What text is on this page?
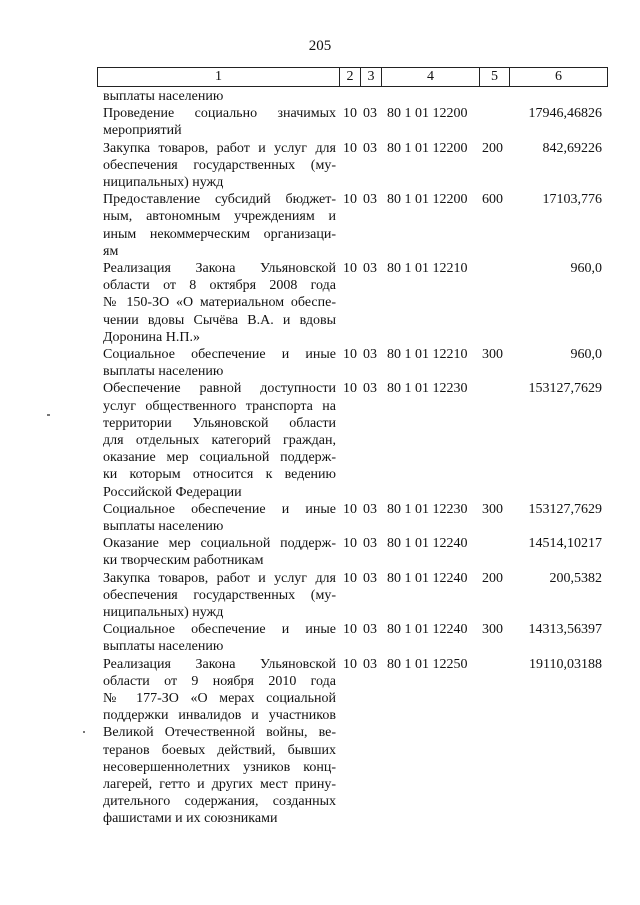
205
1	2	3	4	5	6
выплаты населению
Проведение социально значимых
мероприятий
10 03 80 1 01 12200	17946,46826
Закупка товаров, работ и услуг для
обеспечения государственных (му-
ниципальных) нужд
10 03 80 1 01 12200 200	842,69226
Предоставление субсидий бюджет-
ным, автономным учреждениям и
иным некоммерческим организаци-
ям
10 03 80 1 01 12200 600	17103,776
Реализация Закона Ульяновской
области от 8 октября 2008 года
№ 150-ЗО «О материальном обеспе-
чении вдовы Сычёва В.А. и вдовы
Доронина Н.П.»
10 03 80 1 01 12210	960,0
Социальное обеспечение и иные
выплаты населению
10 03 80 1 01 12210 300	960,0
Обеспечение равной доступности
услуг общественного транспорта на
территории Ульяновской области
для отдельных категорий граждан,
оказание мер социальной поддерж-
ки которым относится к ведению
Российской Федерации
10 03 80 1 01 12230	153127,7629
Социальное обеспечение и иные
выплаты населению
10 03 80 1 01 12230 300 153127,7629
Оказание мер социальной поддерж-
ки творческим работникам
10 03 80 1 01 12240	14514,10217
Закупка товаров, работ и услуг для
обеспечения государственных (му-
ниципальных) нужд
10 03 80 1 01 12240 200	200,5382
Социальное обеспечение и иные
выплаты населению
10 03 80 1 01 12240 300 14313,56397
Реализация Закона Ульяновской
области от 9 ноября 2010 года
№ 177-ЗО «О мерах социальной
поддержки инвалидов и участников
Великой Отечественной войны, ве-
теранов боевых действий, бывших
несовершеннолетних узников конц-
лагерей, гетто и других мест прину-
дительного содержания, созданных
фашистами и их союзниками
10 03 80 1 01 12250	19110,03188
